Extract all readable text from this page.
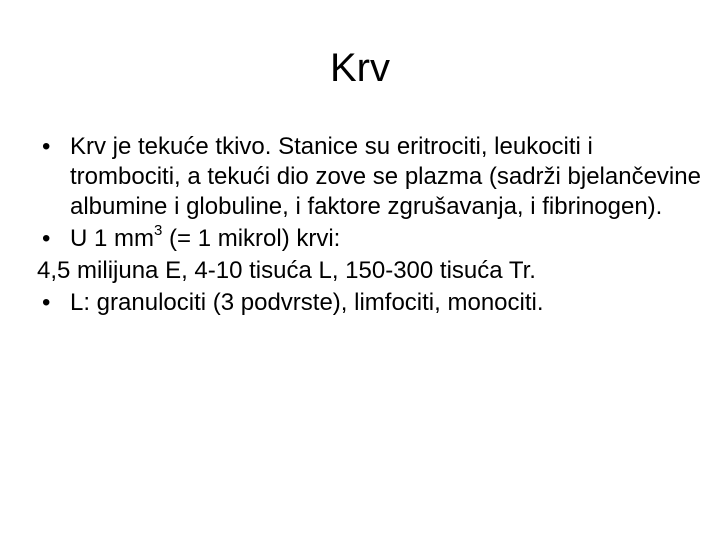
Krv
• Krv je tekuće tkivo. Stanice su eritrociti, leukociti i trombociti, a tekući dio zove se plazma (sadrži bjelančevine albumine i globuline, i faktore zgrušavanja, i fibrinogen).
• U 1 $mm^3$ (= 1 mikrol) krvi:
4,5 milijuna E, 4-10 tisuća L, 150-300 tisuća Tr.
• L: granulociti (3 podvrste), limfociti, monociti.
